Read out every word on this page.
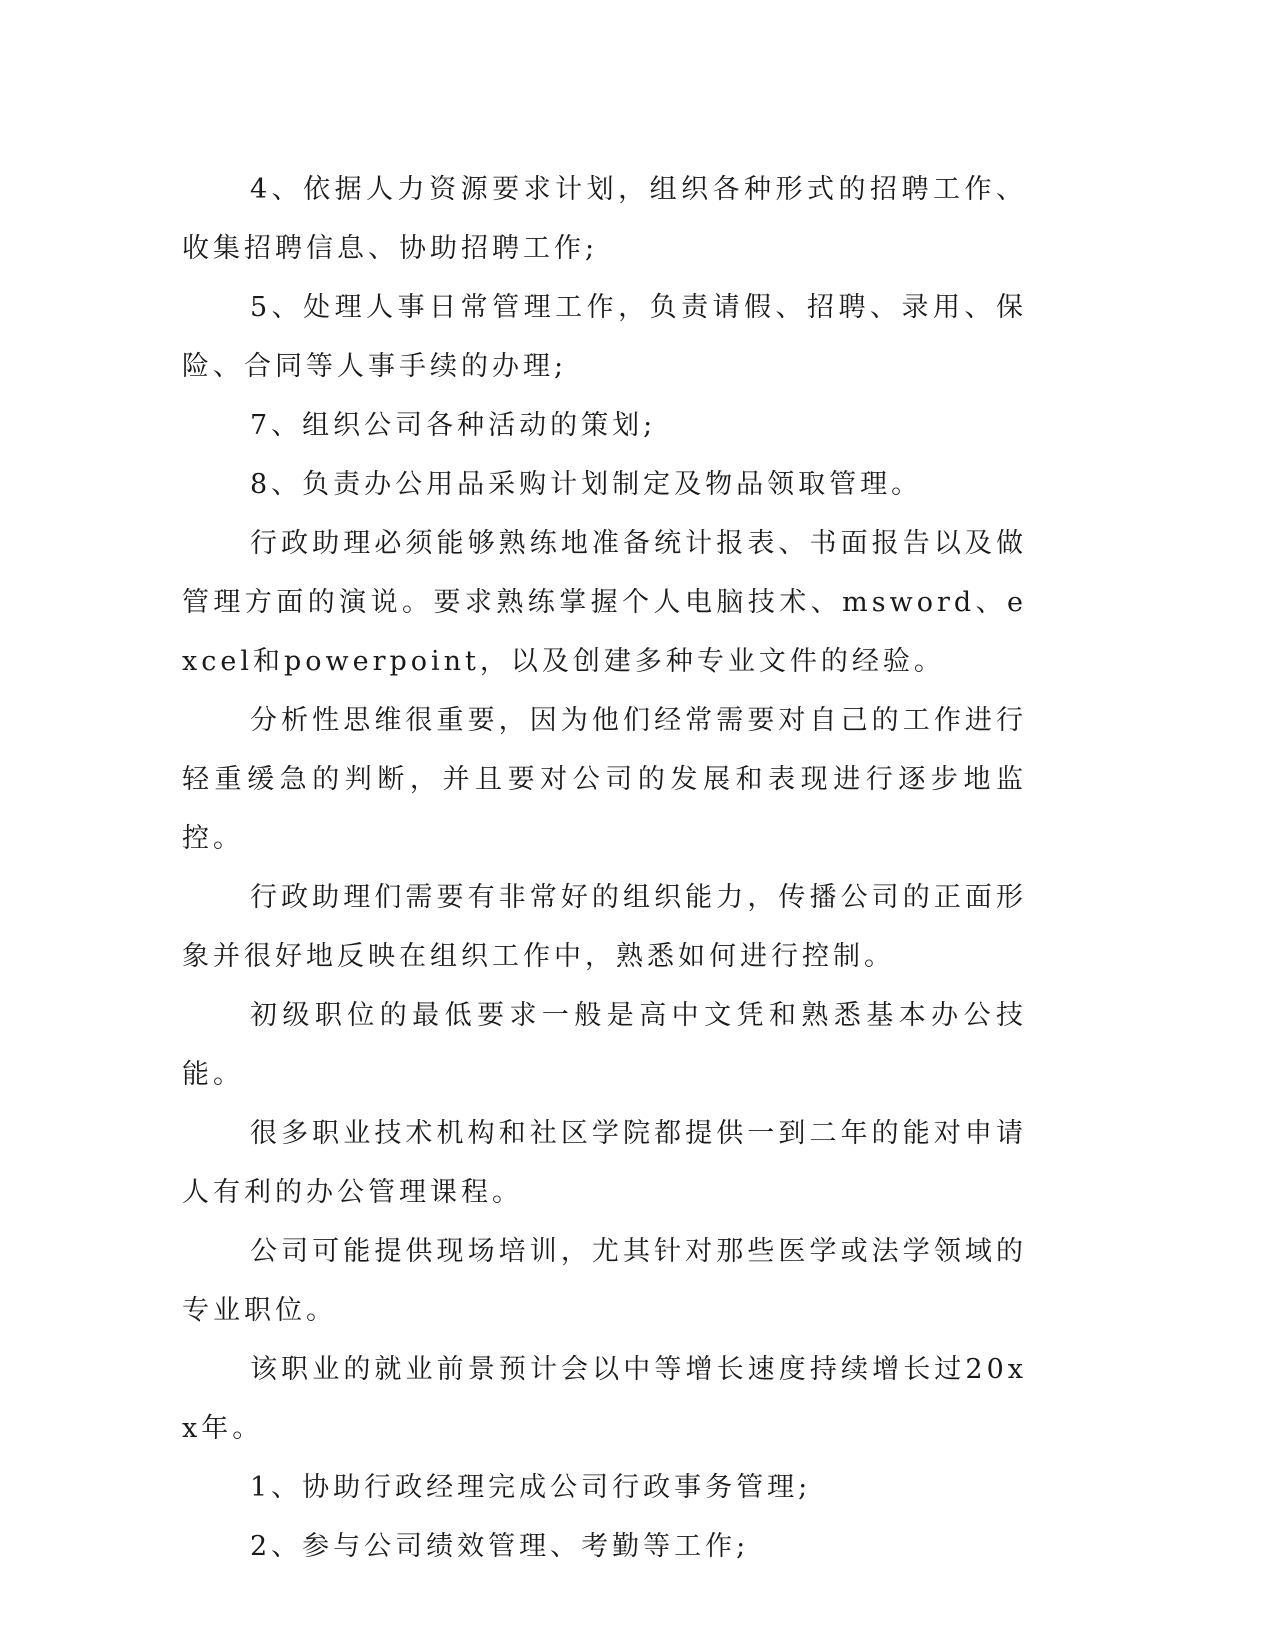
4、依据人力资源要求计划，组织各种形式的招聘工作、收集招聘信息、协助招聘工作;

5、处理人事日常管理工作，负责请假、招聘、录用、保险、合同等人事手续的办理;

7、组织公司各种活动的策划;

8、负责办公用品采购计划制定及物品领取管理。

行政助理必须能够熟练地准备统计报表、书面报告以及做管理方面的演说。要求熟练掌握个人电脑技术、msword、excel和powerpoint，以及创建多种专业文件的经验。

分析性思维很重要，因为他们经常需要对自己的工作进行轻重缓急的判断，并且要对公司的发展和表现进行逐步地监控。

行政助理们需要有非常好的组织能力，传播公司的正面形象并很好地反映在组织工作中，熟悉如何进行控制。

初级职位的最低要求一般是高中文凭和熟悉基本办公技能。

很多职业技术机构和社区学院都提供一到二年的能对申请人有利的办公管理课程。

公司可能提供现场培训，尤其针对那些医学或法学领域的专业职位。

该职业的就业前景预计会以中等增长速度持续增长过20xx年。

1、协助行政经理完成公司行政事务管理;

2、参与公司绩效管理、考勤等工作;
